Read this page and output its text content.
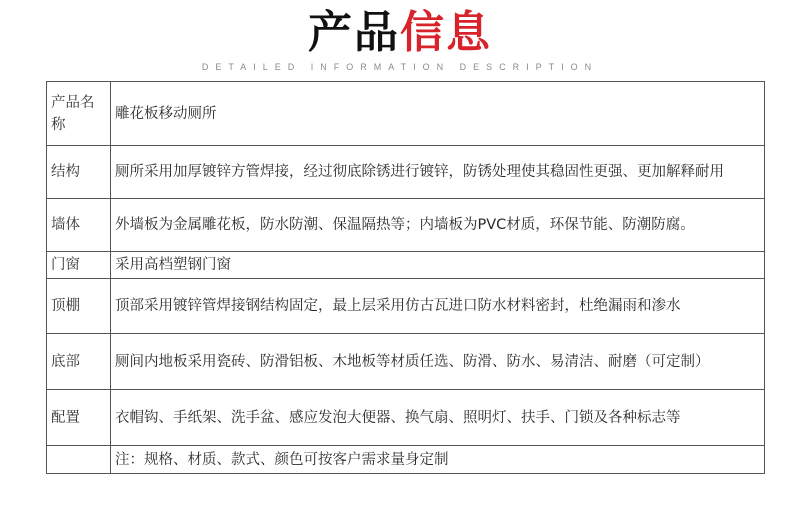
产品信息
DETAILED INFORMATION DESCRIPTION
产品名称	雕花板移动厕所
结构	厕所采用加厚镀锌方管焊接，经过彻底除锈进行镀锌，防锈处理使其稳固性更强、更加解释耐用
墙体	外墙板为金属雕花板，防水防潮、保温隔热等；内墙板为PVC材质，环保节能、防潮防腐。
门窗	采用高档塑钢门窗
顶棚	顶部采用镀锌管焊接钢结构固定，最上层采用仿古瓦进口防水材料密封，杜绝漏雨和渗水
底部	厕间内地板采用瓷砖、防滑铝板、木地板等材质任选、防滑、防水、易清洁、耐磨（可定制）
配置	衣帽钩、手纸架、洗手盆、感应发泡大便器、换气扇、照明灯、扶手、门锁及各种标志等
	注：规格、材质、款式、颜色可按客户需求量身定制
